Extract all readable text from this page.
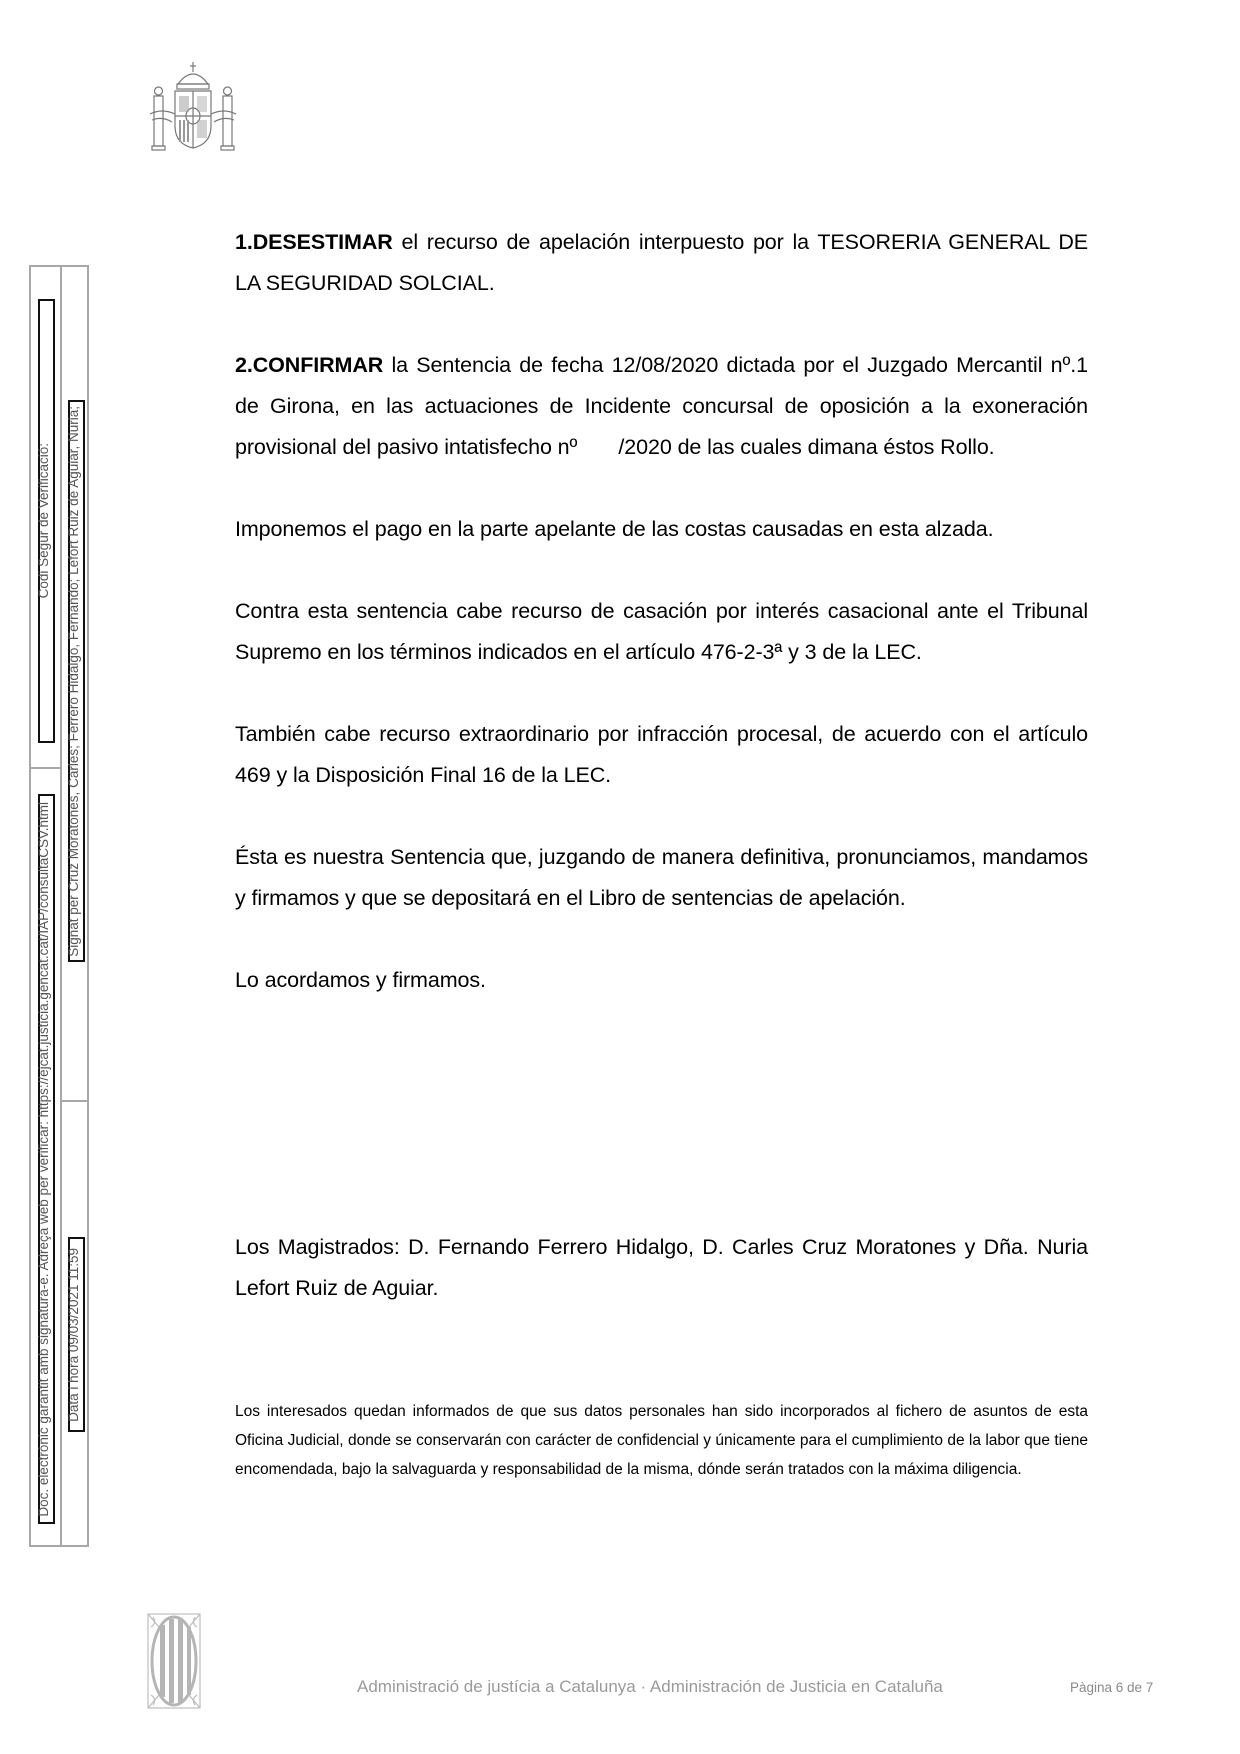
Codi Segur de Verificació:
Doc. electrònic garantit amb signatura-e. Adreça web per verificar: https://ejcat.justicia.gencat.cat/IAP/consultaCSV.html
Signat per Cruz Moratones, Carles; Ferrero Hidalgo, Fernando; Lefort Ruiz de Aguiar, Nuria;
Data i hora 09/03/2021 11:59

1.DESESTIMAR el recurso de apelación interpuesto por la TESORERIA GENERAL DE LA SEGURIDAD SOLCIAL.

2.CONFIRMAR la Sentencia de fecha 12/08/2020 dictada por el Juzgado Mercantil nº.1 de Girona, en las actuaciones de Incidente concursal de oposición a la exoneración provisional del pasivo intatisfecho nº       /2020 de las cuales dimana éstos Rollo.

Imponemos el pago en la parte apelante de las costas causadas en esta alzada.

Contra esta sentencia cabe recurso de casación por interés casacional ante el Tribunal Supremo en los términos indicados en el artículo 476-2-3ª y 3 de la LEC.

También cabe recurso extraordinario por infracción procesal, de acuerdo con el artículo 469 y la Disposición Final 16 de la LEC.

Ésta es nuestra Sentencia que, juzgando de manera definitiva, pronunciamos, mandamos y firmamos y que se depositará en el Libro de sentencias de apelación.

Lo acordamos y firmamos.

Los Magistrados: D. Fernando Ferrero Hidalgo, D. Carles Cruz Moratones y Dña. Nuria Lefort Ruiz de Aguiar.

Los interesados quedan informados de que sus datos personales han sido incorporados al fichero de asuntos de esta Oficina Judicial, donde se conservarán con carácter de confidencial y únicamente para el cumplimiento de la labor que tiene encomendada, bajo la salvaguarda y responsabilidad de la misma, dónde serán tratados con la máxima diligencia.

Administració de justícia a Catalunya · Administración de Justicia en Cataluña	Pàgina 6 de 7
